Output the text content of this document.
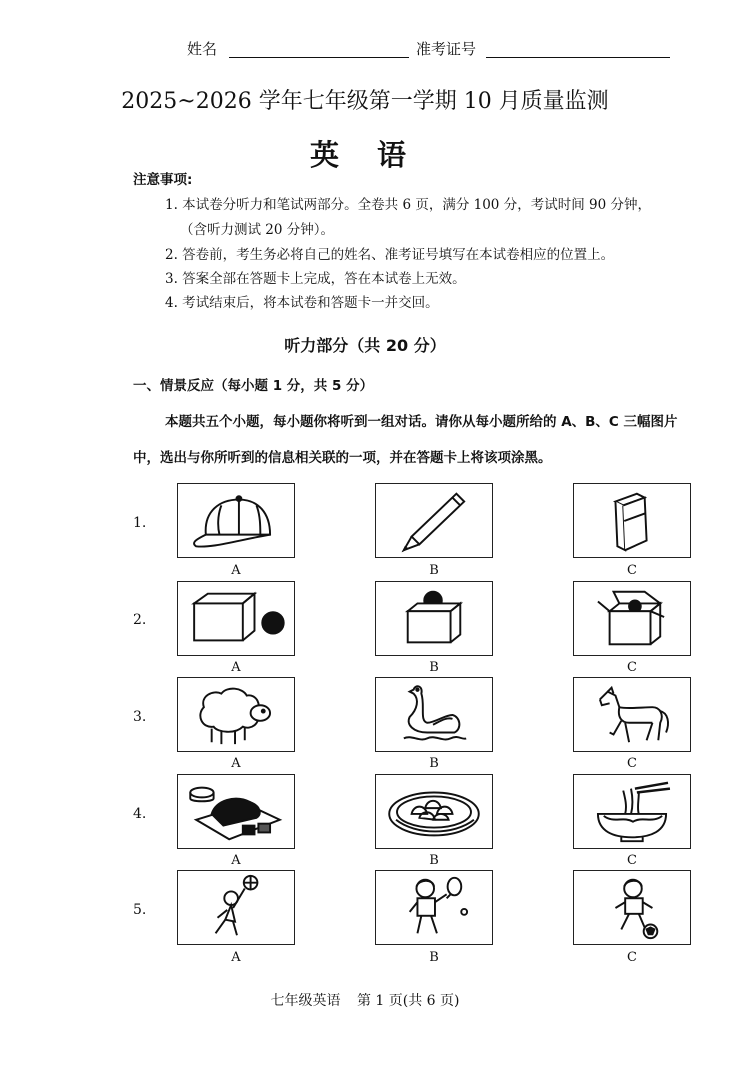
姓名	准考证号
2025~2026 学年七年级第一学期 10 月质量监测
英 语
注意事项:
1. 本试卷分听力和笔试两部分。全卷共 6 页，满分 100 分，考试时间 90 分钟，
（含听力测试 20 分钟）。
2. 答卷前，考生务必将自己的姓名、准考证号填写在本试卷相应的位置上。
3. 答案全部在答题卡上完成，答在本试卷上无效。
4. 考试结束后，将本试卷和答题卡一并交回。
听力部分（共 20 分）
一、情景反应（每小题 1 分，共 5 分）
本题共五个小题，每小题你将听到一组对话。请你从每小题所给的 A、B、C 三幅图片
中，选出与你所听到的信息相关联的一项，并在答题卡上将该项涂黑。
1.
A	B	C
2.
A	B	C
3.
A	B	C
4.
A	B	C
5.
A	B	C
七年级英语 第 1 页(共 6 页)
